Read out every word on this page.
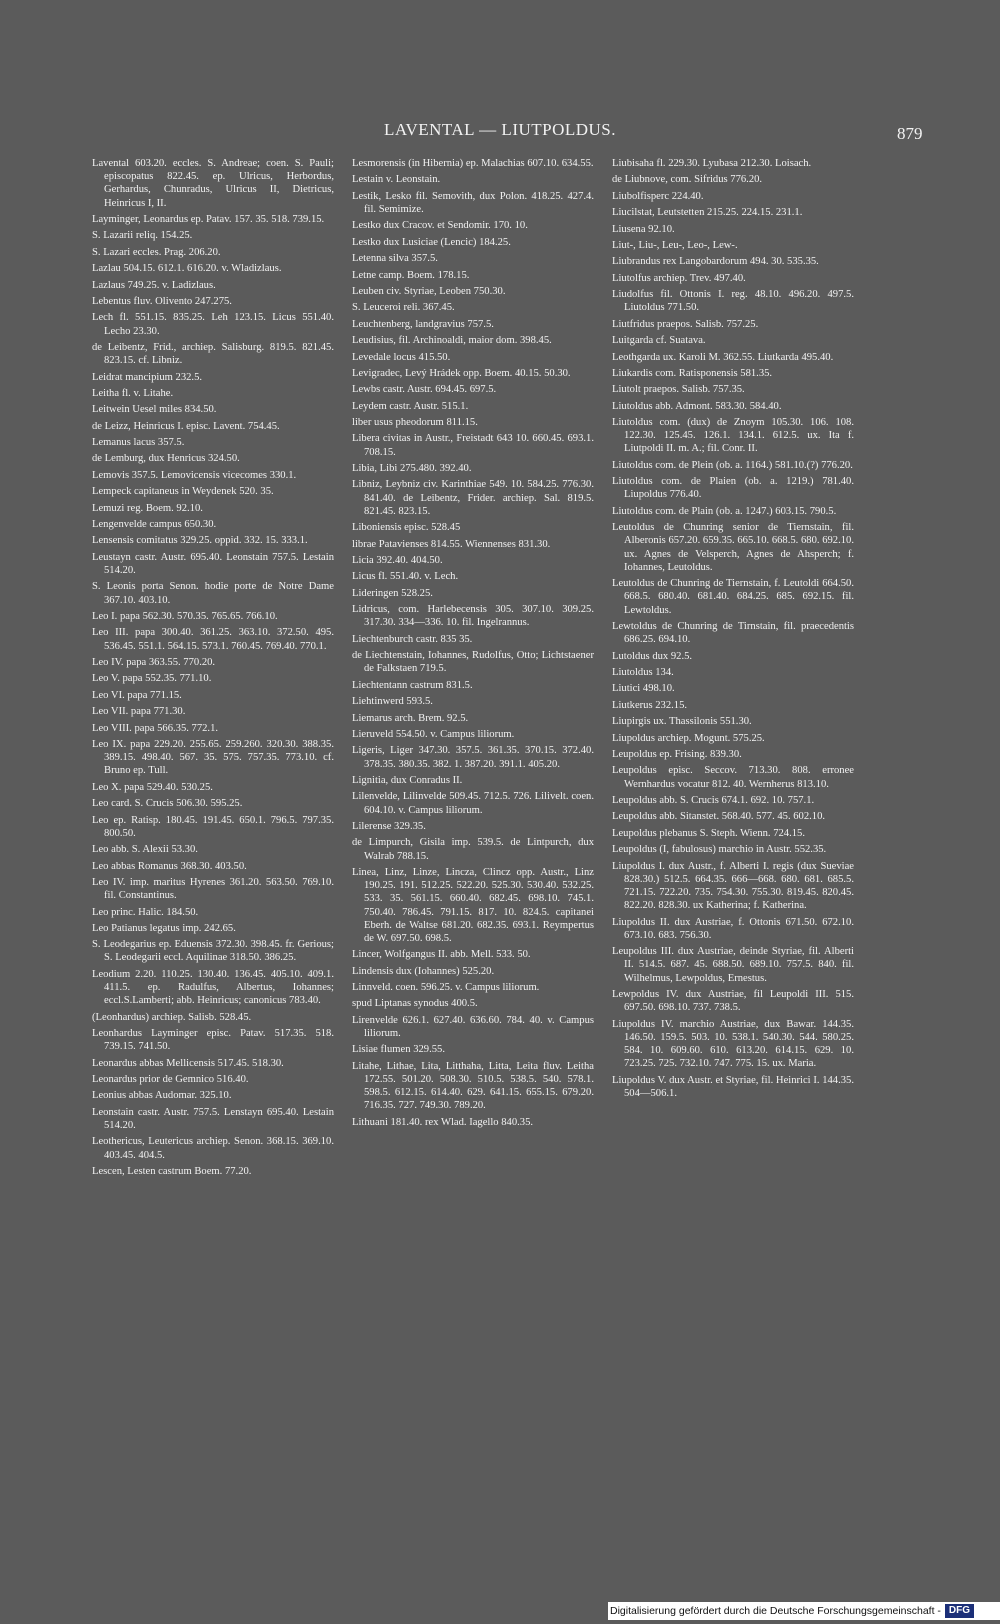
LAVENTAL — LIUTPOLDUS.	879
Lavental 603.20. eccles. S. Andreae; coen. S. Pauli; episcopatus 822.45. ep. Ulricus, Herbordus, Gerhardus, Chunradus, Ulricus II, Dietricus, Heinricus I, II.
Layminger, Leonardus ep. Patav. 157. 35. 518. 739.15.
S. Lazarii reliq. 154.25.
S. Lazari eccles. Prag. 206.20.
Lazlau 504.15. 612.1. 616.20. v. Wladizlaus.
Lazlaus 749.25. v. Ladizlaus.
Lebentus fluv. Olivento 247.275.
Lech fl. 551.15. 835.25. Leh 123.15. Licus 551.40. Lecho 23.30.
de Leibentz, Frid., archiep. Salisburg. 819.5. 821.45. 823.15. cf. Libniz.
Leidrat mancipium 232.5.
Leitha fl. v. Litahe.
Leitwein Uesel miles 834.50.
de Leizz, Heinricus I. episc. Lavent. 754.45.
Lemanus lacus 357.5.
de Lemburg, dux Henricus 324.50.
Lemovis 357.5. Lemovicensis vicecomes 330.1.
Lempeck capitaneus in Weydenek 520. 35.
Lemuzi reg. Boem. 92.10.
Lengenvelde campus 650.30.
Lensensis comitatus 329.25. oppid. 332. 15. 333.1.
Leustayn castr. Austr. 695.40. Leonstain 757.5. Lestain 514.20.
S. Leonis porta Senon. hodie porte de Notre Dame 367.10. 403.10.
Leo I. papa 562.30. 570.35. 765.65. 766.10.
Leo III. papa 300.40. 361.25. 363.10. 372.50. 495. 536.45. 551.1. 564.15. 573.1. 760.45. 769.40. 770.1.
Leo IV. papa 363.55. 770.20.
Leo V. papa 552.35. 771.10.
Leo VI. papa 771.15.
Leo VII. papa 771.30.
Leo VIII. papa 566.35. 772.1.
Leo IX. papa 229.20. 255.65. 259.260. 320.30. 388.35. 389.15. 498.40. 567. 35. 575. 757.35. 773.10. cf. Bruno ep. Tull.
Leo X. papa 529.40. 530.25.
Leo card. S. Crucis 506.30. 595.25.
Leo ep. Ratisp. 180.45. 191.45. 650.1. 796.5. 797.35. 800.50.
Leo abb. S. Alexii 53.30.
Leo abbas Romanus 368.30. 403.50.
Leo IV. imp. maritus Hyrenes 361.20. 563.50. 769.10. fil. Constantinus.
Leo princ. Halic. 184.50.
Leo Patianus legatus imp. 242.65.
S. Leodegarius ep. Eduensis 372.30. 398.45. fr. Gerious; S. Leodegarii eccl. Aquilinae 318.50. 386.25.
Leodium 2.20. 110.25. 130.40. 136.45. 405.10. 409.1. 411.5. ep. Radulfus, Albertus, Iohannes; eccl.S.Lamberti; abb. Heinricus; canonicus 783.40.
(Leonhardus) archiep. Salisb. 528.45.
Leonhardus Layminger episc. Patav. 517.35. 518. 739.15. 741.50.
Leonardus abbas Mellicensis 517.45. 518.30.
Leonardus prior de Gemnico 516.40.
Leonius abbas Audomar. 325.10.
Leonstain castr. Austr. 757.5. Lenstayn 695.40. Lestain 514.20.
Leothericus, Leutericus archiep. Senon. 368.15. 369.10. 403.45. 404.5.
Lescen, Lesten castrum Boem. 77.20.
Lesmorensis (in Hibernia) ep. Malachias 607.10. 634.55.
Lestain v. Leonstain.
Lestik, Lesko fil. Semovith, dux Polon. 418.25. 427.4. fil. Semimize.
Lestko dux Cracov. et Sendomir. 170. 10.
Lestko dux Lusiciae (Lencic) 184.25.
Letenna silva 357.5.
Letne camp. Boem. 178.15.
Leuben civ. Styriae, Leoben 750.30.
S. Leuceroi reli. 367.45.
Leuchtenberg, landgravius 757.5.
Leudisius, fil. Archinoaldi, maior dom. 398.45.
Levedale locus 415.50.
Levigradec, Levý Hrádek opp. Boem. 40.15. 50.30.
Lewbs castr. Austr. 694.45. 697.5.
Leydem castr. Austr. 515.1.
liber usus pheodorum 811.15.
Libera civitas in Austr., Freistadt 643 10. 660.45. 693.1. 708.15.
Libia, Libi 275.480. 392.40.
Libniz, Leybniz civ. Karinthiae 549. 10. 584.25. 776.30. 841.40. de Leibentz, Frider. archiep. Sal. 819.5. 821.45. 823.15.
Liboniensis episc. 528.45
librae Patavienses 814.55. Wiennenses 831.30.
Licia 392.40. 404.50.
Licus fl. 551.40. v. Lech.
Lideringen 528.25.
Lidricus, com. Harlebecensis 305. 307.10. 309.25. 317.30. 334—336. 10. fil. Ingelrannus.
Liechtenburch castr. 835 35.
de Liechtenstain, Iohannes, Rudolfus, Otto; Lichtstaener de Falkstaen 719.5.
Liechtentann castrum 831.5.
Liehtinwerd 593.5.
Liemarus arch. Brem. 92.5.
Lieruveld 554.50. v. Campus liliorum.
Ligeris, Liger 347.30. 357.5. 361.35. 370.15. 372.40. 378.35. 380.35. 382. 1. 387.20. 391.1. 405.20.
Lignitia, dux Conradus II.
Lilenvelde, Lilinvelde 509.45. 712.5. 726. Lilivelt. coen. 604.10. v. Campus liliorum.
Lilerense 329.35.
de Limpurch, Gisila imp. 539.5. de Lintpurch, dux Walrab 788.15.
Linea, Linz, Linze, Lincza, Clincz opp. Austr., Linz 190.25. 191. 512.25. 522.20. 525.30. 530.40. 532.25. 533. 35. 561.15. 660.40. 682.45. 698.10. 745.1. 750.40. 786.45. 791.15. 817. 10. 824.5. capitanei Eberh. de Waltse 681.20. 682.35. 693.1. Reympertus de W. 697.50. 698.5.
Lincer, Wolfgangus II. abb. Mell. 533. 50.
Lindensis dux (Iohannes) 525.20.
Linnveld. coen. 596.25. v. Campus liliorum.
spud Liptanas synodus 400.5.
Lirenvelde 626.1. 627.40. 636.60. 784. 40. v. Campus liliorum.
Lisiae flumen 329.55.
Litahe, Lithae, Lita, Litthaha, Litta, Leita fluv. Leitha 172.55. 501.20. 508.30. 510.5. 538.5. 540. 578.1. 598.5. 612.15. 614.40. 629. 641.15. 655.15. 679.20. 716.35. 727. 749.30. 789.20.
Lithuani 181.40. rex Wlad. Iagello 840.35.
Liubisaha fl. 229.30. Lyubasa 212.30. Loisach.
de Liubnove, com. Sifridus 776.20.
Liubolfisperc 224.40.
Liucilstat, Leutstetten 215.25. 224.15. 231.1.
Liusena 92.10.
Liut-, Liu-, Leu-, Leo-, Lew-.
Liubrandus rex Langobardorum 494. 30. 535.35.
Liutolfus archiep. Trev. 497.40.
Liudolfus fil. Ottonis I. reg. 48.10. 496.20. 497.5. Liutoldus 771.50.
Liutfridus praepos. Salisb. 757.25.
Luitgarda cf. Suatava.
Leothgarda ux. Karoli M. 362.55. Liutkarda 495.40.
Liukardis com. Ratisponensis 581.35.
Liutolt praepos. Salisb. 757.35.
Liutoldus abb. Admont. 583.30. 584.40.
Liutoldus com. (dux) de Znoym 105.30. 106. 108. 122.30. 125.45. 126.1. 134.1. 612.5. ux. Ita f. Liutpoldi II. m. A.; fil. Conr. II.
Liutoldus com. de Plein (ob. a. 1164.) 581.10.(?) 776.20.
Liutoldus com. de Plaien (ob. a. 1219.) 781.40. Liupoldus 776.40.
Liutoldus com. de Plain (ob. a. 1247.) 603.15. 790.5.
Leutoldus de Chunring senior de Tiernstain, fil. Alberonis 657.20. 659.35. 665.10. 668.5. 680. 692.10. ux. Agnes de Velsperch, Agnes de Ahsperch; f. Iohannes, Leutoldus.
Leutoldus de Chunring de Tiernstain, f. Leutoldi 664.50. 668.5. 680.40. 681.40. 684.25. 685. 692.15. fil. Lewtoldus.
Lewtoldus de Chunring de Tirnstain, fil. praecedentis 686.25. 694.10.
Lutoldus dux 92.5.
Liutoldus 134.
Liutici 498.10.
Liutkerus 232.15.
Liupirgis ux. Thassilonis 551.30.
Liupoldus archiep. Mogunt. 575.25.
Leupoldus ep. Frising. 839.30.
Leupoldus episc. Seccov. 713.30. 808. erronee Wernhardus vocatur 812. 40. Wernherus 813.10.
Leupoldus abb. S. Crucis 674.1. 692. 10. 757.1.
Leupoldus abb. Sitanstet. 568.40. 577. 45. 602.10.
Leupoldus plebanus S. Steph. Wienn. 724.15.
Leupoldus (I, fabulosus) marchio in Austr. 552.35.
Liupoldus I. dux Austr., f. Alberti I. regis (dux Sueviae 828.30.) 512.5. 664.35. 666—668. 680. 681. 685.5. 721.15. 722.20. 735. 754.30. 755.30. 819.45. 820.45. 822.20. 828.30. ux Katherina; f. Katherina.
Liupoldus II. dux Austriae, f. Ottonis 671.50. 672.10. 673.10. 683. 756.30.
Leupoldus III. dux Austriae, deinde Styriae, fil. Alberti II. 514.5. 687. 45. 688.50. 689.10. 757.5. 840. fil. Wilhelmus, Lewpoldus, Ernestus.
Lewpoldus IV. dux Austriae, fil Leupoldi III. 515. 697.50. 698.10. 737. 738.5.
Liupoldus IV. marchio Austriae, dux Bawar. 144.35. 146.50. 159.5. 503. 10. 538.1. 540.30. 544. 580.25. 584. 10. 609.60. 610. 613.20. 614.15. 629. 10. 723.25. 725. 732.10. 747. 775. 15. ux. Maria.
Liupoldus V. dux Austr. et Styriae, fil. Heinrici I. 144.35. 504—506.1.
Digitalisierung gefördert durch die Deutsche Forschungsgemeinschaft - DFG
